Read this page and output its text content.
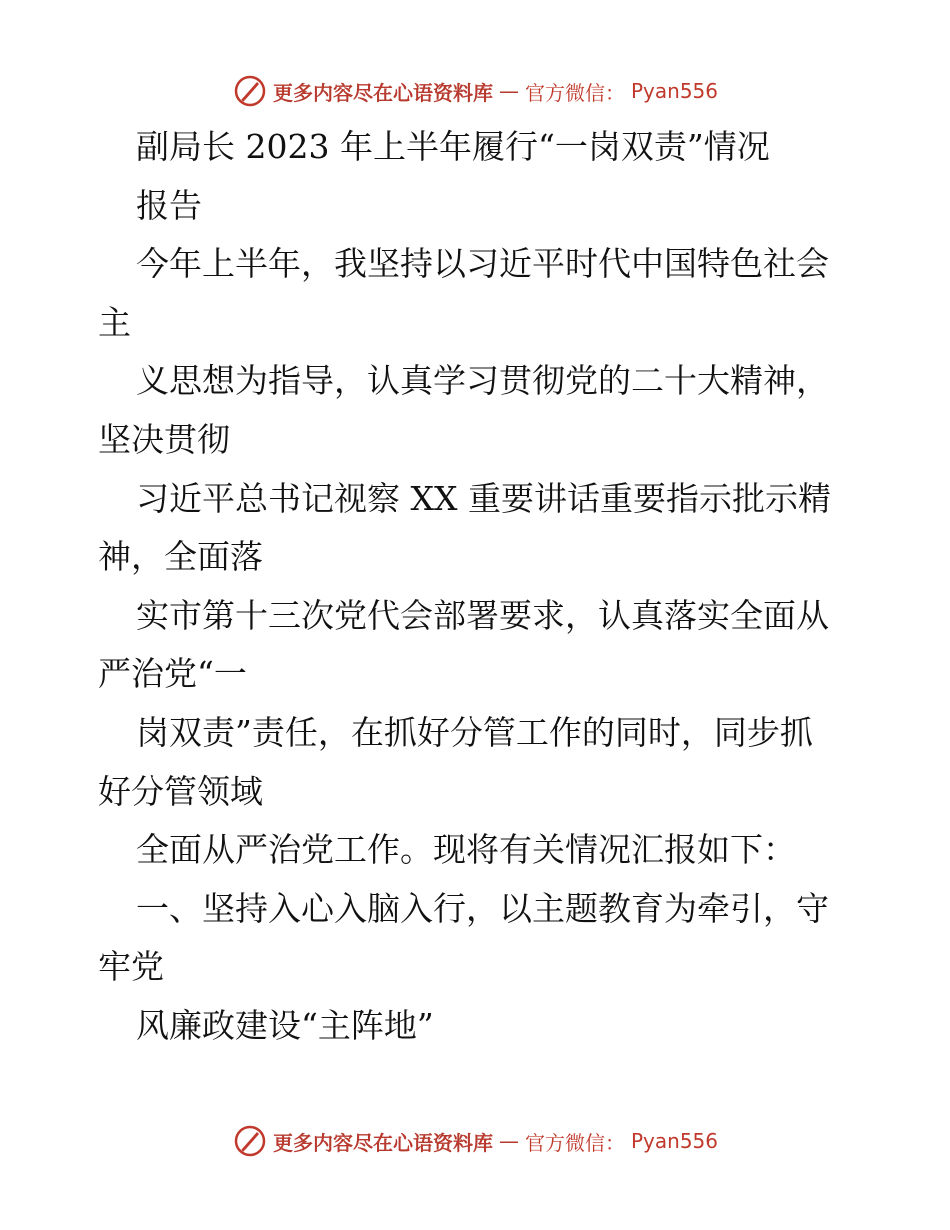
更多内容尽在心语资料库 — 官方微信： Pyan556
副局长 2023 年上半年履行“一岗双责”情况
报告
今年上半年，我坚持以习近平时代中国特色社会
主
义思想为指导，认真学习贯彻党的二十大精神，
坚决贯彻
习近平总书记视察 XX 重要讲话重要指示批示精
神，全面落
实市第十三次党代会部署要求，认真落实全面从
严治党“一
岗双责”责任，在抓好分管工作的同时，同步抓
好分管领域
全面从严治党工作。现将有关情况汇报如下：
一、坚持入心入脑入行，以主题教育为牵引，守
牢党
风廉政建设“主阵地”
更多内容尽在心语资料库 — 官方微信： Pyan556
